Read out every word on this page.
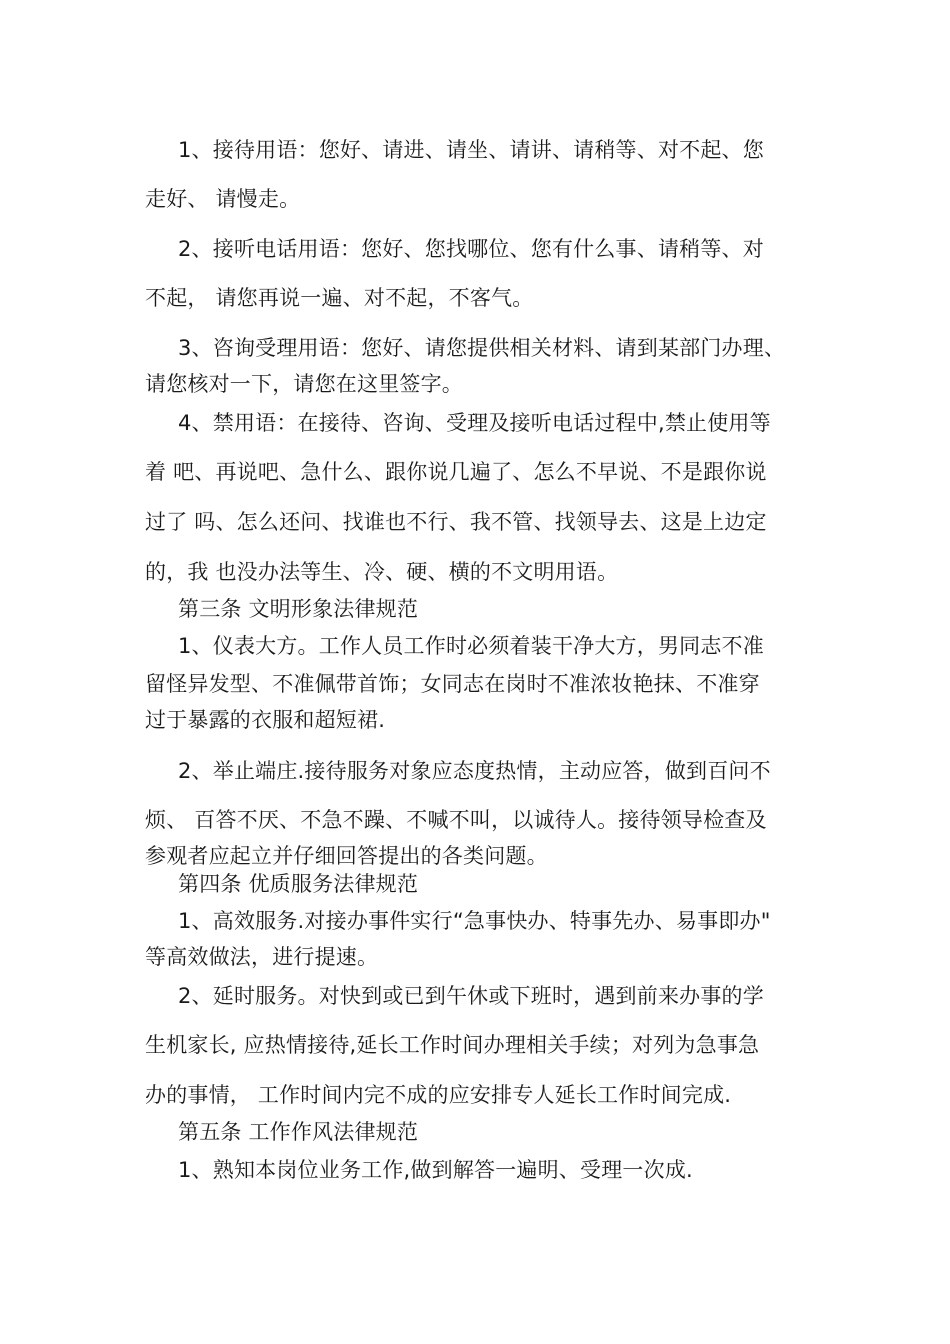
1、接待用语：您好、请进、请坐、请讲、请稍等、对不起、您
走好、 请慢走。
2、接听电话用语：您好、您找哪位、您有什么事、请稍等、对
不起， 请您再说一遍、对不起，不客气。
3、咨询受理用语：您好、请您提供相关材料、请到某部门办理、
请您核对一下，请您在这里签字。
4、禁用语：在接待、咨询、受理及接听电话过程中,禁止使用等
着 吧、再说吧、急什么、跟你说几遍了、怎么不早说、不是跟你说
过了 吗、怎么还问、找谁也不行、我不管、找领导去、这是上边定
的，我 也没办法等生、冷、硬、横的不文明用语。
第三条 文明形象法律规范
1、仪表大方。工作人员工作时必须着装干净大方，男同志不准
留怪异发型、不准佩带首饰；女同志在岗时不准浓妆艳抹、不准穿
过于暴露的衣服和超短裙.
2、举止端庄.接待服务对象应态度热情，主动应答，做到百问不
烦、 百答不厌、不急不躁、不喊不叫，以诚待人。接待领导检查及
参观者应起立并仔细回答提出的各类问题。
第四条 优质服务法律规范
1、高效服务.对接办事件实行“急事快办、特事先办、易事即办"
等高效做法，进行提速。
2、延时服务。对快到或已到午休或下班时，遇到前来办事的学
生机家长, 应热情接待,延长工作时间办理相关手续；对列为急事急
办的事情， 工作时间内完不成的应安排专人延长工作时间完成.
第五条 工作作风法律规范
1、熟知本岗位业务工作,做到解答一遍明、受理一次成.
